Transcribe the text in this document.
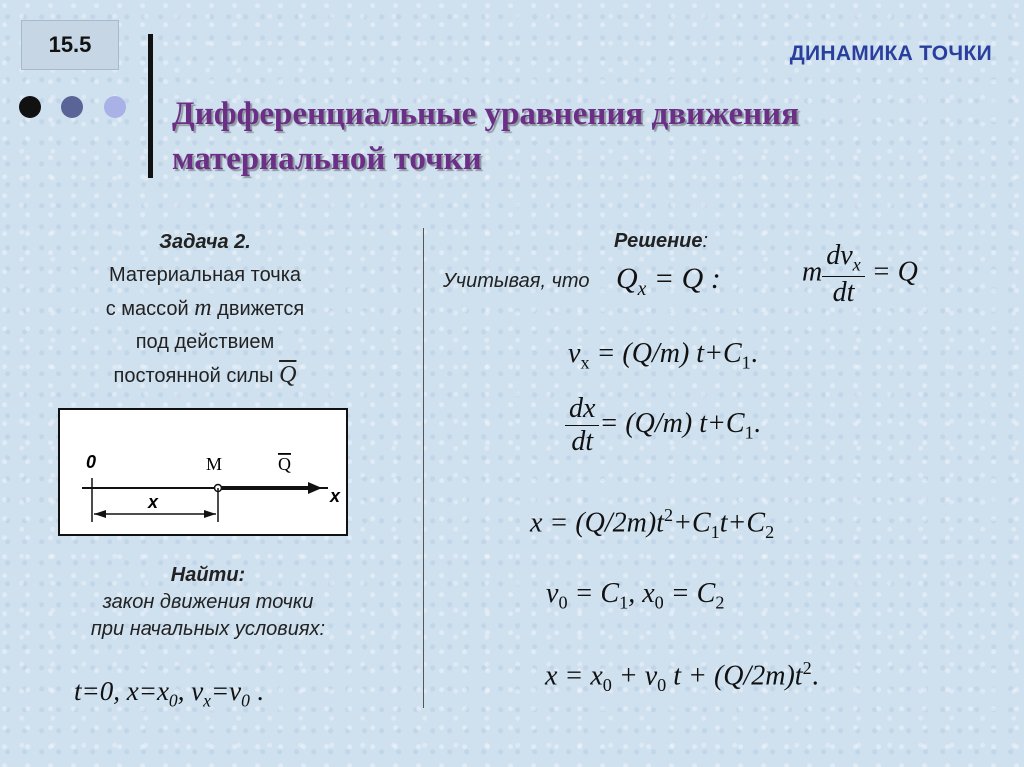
15.5	ДИНАМИКА ТОЧКИ
Дифференциальные уравнения движения
материальной точки
Задача 2.
Материальная точка
с массой m движется
под действием
постоянной силы $\overline{Q}$
0	M	Q
x
x
Найти:
закон движения точки
при начальных условиях:
t=0, $x=x_0$, $v_x=v_0$ .
Решение:
Учитывая, что $Q_x = Q$ :	m $\frac{dv_x}{dt} = Q$
$v_x = (Q/m)$ $t+C_1$.
$\frac{dx}{dt} = (Q/m)$ $t+C_1$.
$x = (Q/2m)t^2+C_1t+C_2$
$v_0 = C_1$, $x_0 = C_2$
$x = x_0 + v_0$ $t + (Q/2m)t^2$.
